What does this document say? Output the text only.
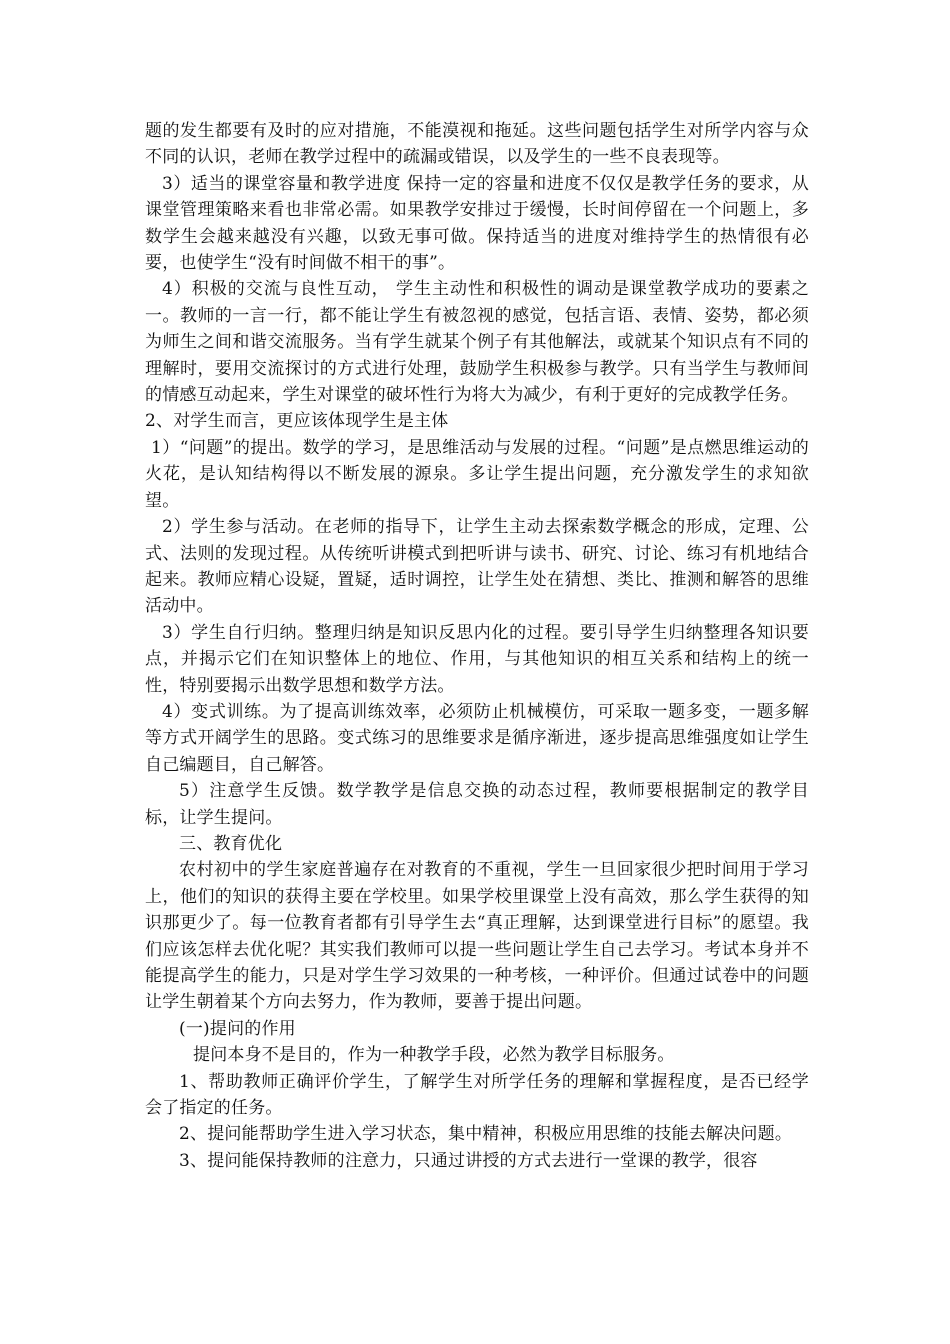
题的发生都要有及时的应对措施，不能漠视和拖延。这些问题包括学生对所学内容与众不同的认识，老师在教学过程中的疏漏或错误，以及学生的一些不良表现等。

3）适当的课堂容量和教学进度 保持一定的容量和进度不仅仅是教学任务的要求，从课堂管理策略来看也非常必需。如果教学安排过于缓慢，长时间停留在一个问题上，多数学生会越来越没有兴趣，以致无事可做。保持适当的进度对维持学生的热情很有必要，也使学生“没有时间做不相干的事”。

4）积极的交流与良性互动， 学生主动性和积极性的调动是课堂教学成功的要素之一。教师的一言一行，都不能让学生有被忽视的感觉，包括言语、表情、姿势，都必须为师生之间和谐交流服务。当有学生就某个例子有其他解法，或就某个知识点有不同的理解时，要用交流探讨的方式进行处理，鼓励学生积极参与教学。只有当学生与教师间的情感互动起来，学生对课堂的破坏性行为将大为减少，有利于更好的完成教学任务。

2、对学生而言，更应该体现学生是主体

1）“问题”的提出。数学的学习，是思维活动与发展的过程。“问题”是点燃思维运动的火花，是认知结构得以不断发展的源泉。多让学生提出问题，充分激发学生的求知欲望。

2）学生参与活动。在老师的指导下，让学生主动去探索数学概念的形成，定理、公式、法则的发现过程。从传统听讲模式到把听讲与读书、研究、讨论、练习有机地结合起来。教师应精心设疑，置疑，适时调控，让学生处在猜想、类比、推测和解答的思维活动中。

3）学生自行归纳。整理归纳是知识反思内化的过程。要引导学生归纳整理各知识要点，并揭示它们在知识整体上的地位、作用，与其他知识的相互关系和结构上的统一性，特别要揭示出数学思想和数学方法。

4）变式训练。为了提高训练效率，必须防止机械模仿，可采取一题多变，一题多解等方式开阔学生的思路。变式练习的思维要求是循序渐进，逐步提高思维强度如让学生自己编题目，自己解答。

5）注意学生反馈。数学教学是信息交换的动态过程，教师要根据制定的教学目标，让学生提问。

三、教育优化

农村初中的学生家庭普遍存在对教育的不重视，学生一旦回家很少把时间用于学习上，他们的知识的获得主要在学校里。如果学校里课堂上没有高效，那么学生获得的知识那更少了。每一位教育者都有引导学生去“真正理解，达到课堂进行目标”的愿望。我们应该怎样去优化呢？其实我们教师可以提一些问题让学生自己去学习。考试本身并不能提高学生的能力，只是对学生学习效果的一种考核，一种评价。但通过试卷中的问题让学生朝着某个方向去努力，作为教师，要善于提出问题。

(一)提问的作用

提问本身不是目的，作为一种教学手段，必然为教学目标服务。

1、帮助教师正确评价学生，了解学生对所学任务的理解和掌握程度，是否已经学会了指定的任务。

2、提问能帮助学生进入学习状态，集中精神，积极应用思维的技能去解决问题。

3、提问能保持教师的注意力，只通过讲授的方式去进行一堂课的教学，很容
